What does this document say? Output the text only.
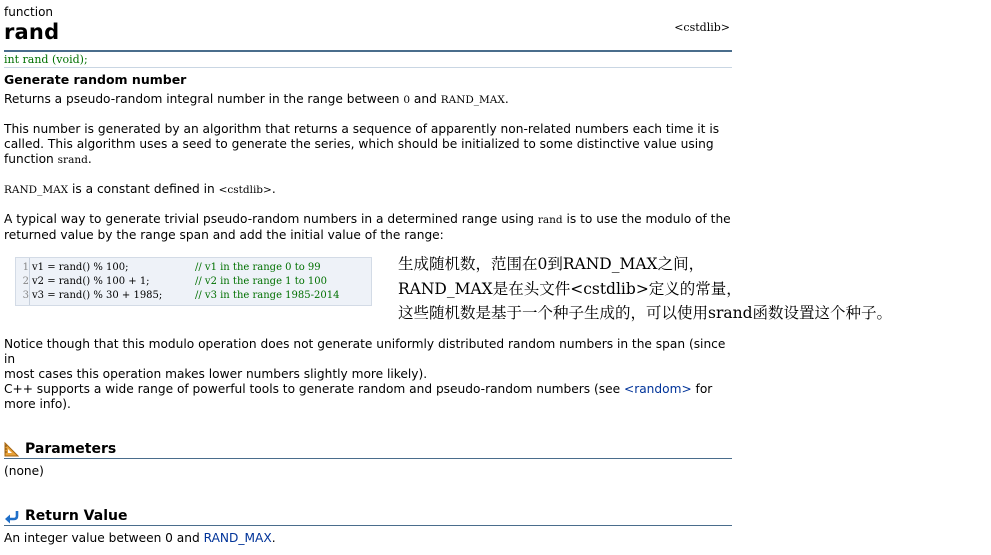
function
rand	<cstdlib>
int rand (void);
Generate random number
Returns a pseudo-random integral number in the range between 0 and RAND_MAX.
This number is generated by an algorithm that returns a sequence of apparently non-related numbers each time it is
called. This algorithm uses a seed to generate the series, which should be initialized to some distinctive value using
function srand.
RAND_MAX is a constant defined in <cstdlib>.
A typical way to generate trivial pseudo-random numbers in a determined range using rand is to use the modulo of the
returned value by the range span and add the initial value of the range:
1 v1 = rand() % 100;	// v1 in the range 0 to 99
2 v2 = rand() % 100 + 1;	// v2 in the range 1 to 100
3 v3 = rand() % 30 + 1985;	// v3 in the range 1985-2014
生成随机数，范围在0到RAND_MAX之间，
RAND_MAX是在头文件<cstdlib>定义的常量，
这些随机数是基于一个种子生成的，可以使用srand函数设置这个种子。
Notice though that this modulo operation does not generate uniformly distributed random numbers in the span (since in
most cases this operation makes lower numbers slightly more likely).
C++ supports a wide range of powerful tools to generate random and pseudo-random numbers (see <random> for
more info).
Parameters
(none)
Return Value
An integer value between 0 and RAND_MAX.
